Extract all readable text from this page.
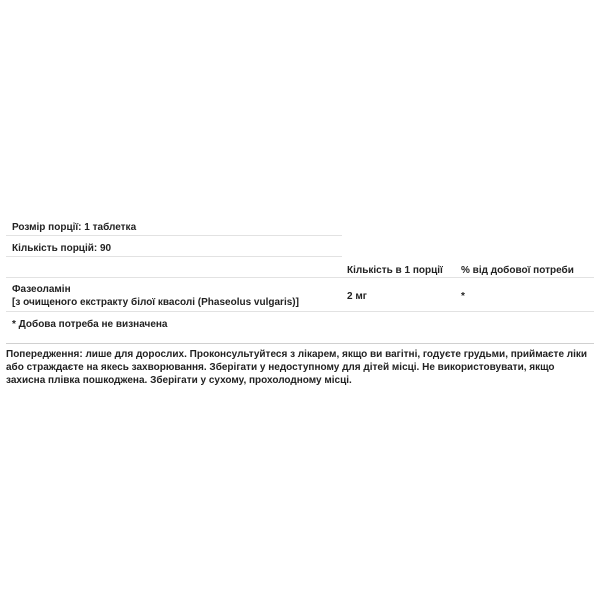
Розмір порції: 1 таблетка
Кількість порцій: 90
Кількість в 1 порції % від добової потреби
Фазеоламін
[з очищеного екстракту білої квасолі (Phaseolus vulgaris)]
2 мг	*
* Добова потреба не визначена
Попередження: лише для дорослих. Проконсультуйтеся з лікарем, якщо ви вагітні, годуєте грудьми, приймаєте ліки або страждаєте на якесь захворювання. Зберігати у недоступному для дітей місці. Не використовувати, якщо захисна плівка пошкоджена. Зберігати у сухому, прохолодному місці.
